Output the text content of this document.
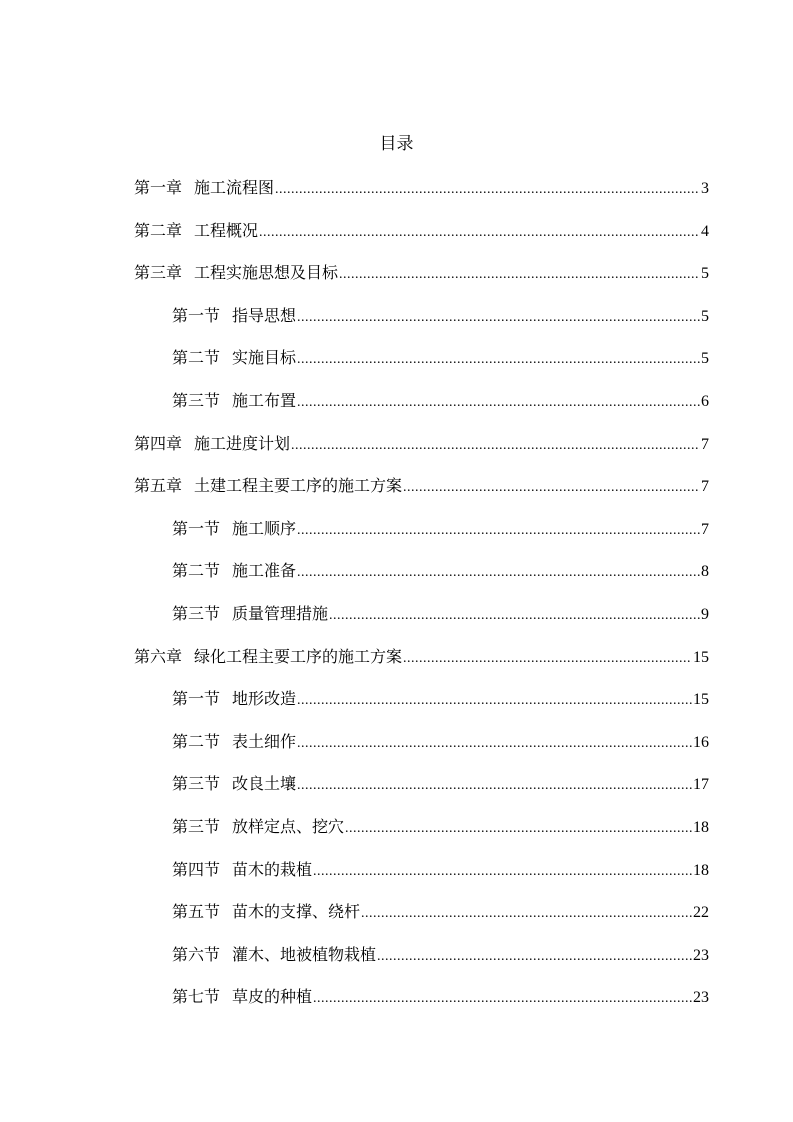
目录
第一章 施工流程图 .....	3
第二章 工程概况 .....	4
第三章 工程实施思想及目标 .....	5
第一节 指导思想 .....	5
第二节 实施目标 .....	5
第三节 施工布置 .....	6
第四章 施工进度计划 .....	7
第五章 土建工程主要工序的施工方案 .....	7
第一节 施工顺序 .....	7
第二节 施工准备 .....	8
第三节 质量管理措施 .....	9
第六章 绿化工程主要工序的施工方案 .....	15
第一节 地形改造 .....	15
第二节 表土细作 .....	16
第三节 改良土壤 .....	17
第三节 放样定点、挖穴 .....	18
第四节 苗木的栽植 .....	18
第五节 苗木的支撑、绕杆 .....	22
第六节 灌木、地被植物栽植 .....	23
第七节 草皮的种植 .....	23
